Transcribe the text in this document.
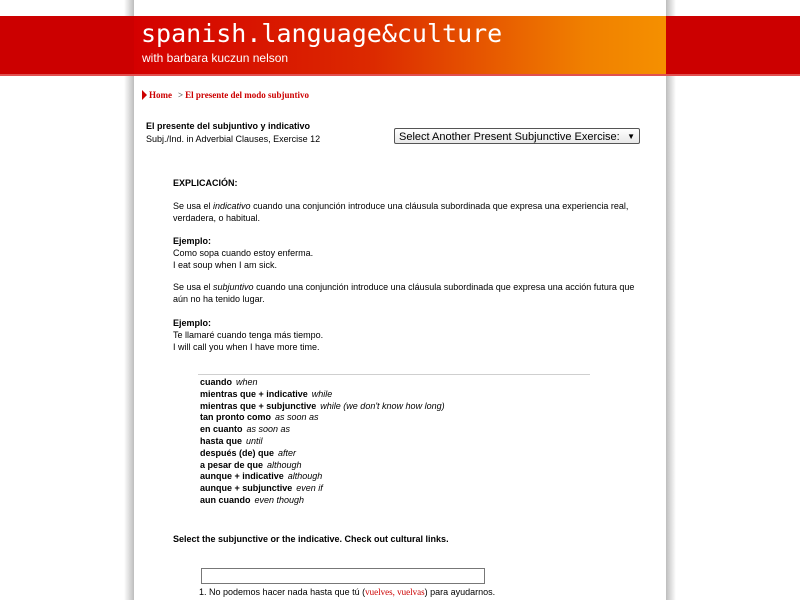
spanish.language&culture
with barbara kuczun nelson
Home > El presente del modo subjuntivo
El presente del subjuntivo y indicativo
Subj./Ind. in Adverbial Clauses, Exercise 12	Select Another Present Subjunctive Exercise: ▼
EXPLICACIÓN:
Se usa el indicativo cuando una conjunción introduce una cláusula subordinada que expresa una experiencia real,
verdadera, o habitual.
Ejemplo:
Como sopa cuando estoy enferma.
I eat soup when I am sick.
Se usa el subjuntivo cuando una conjunción introduce una cláusula subordinada que expresa una acción futura que
aún no ha tenido lugar.
Ejemplo:
Te llamaré cuando tenga más tiempo.
I will call you when I have more time.
cuando when
mientras que + indicative while
mientras que + subjunctive while (we don't know how long)
tan pronto como as soon as
en cuanto as soon as
hasta que until
después (de) que after
a pesar de que although
aunque + indicative although
aunque + subjunctive even if
aun cuando even though
Select the subjunctive or the indicative. Check out cultural links.
1. No podemos hacer nada hasta que tú (vuelves, vuelvas) para ayudarnos.
